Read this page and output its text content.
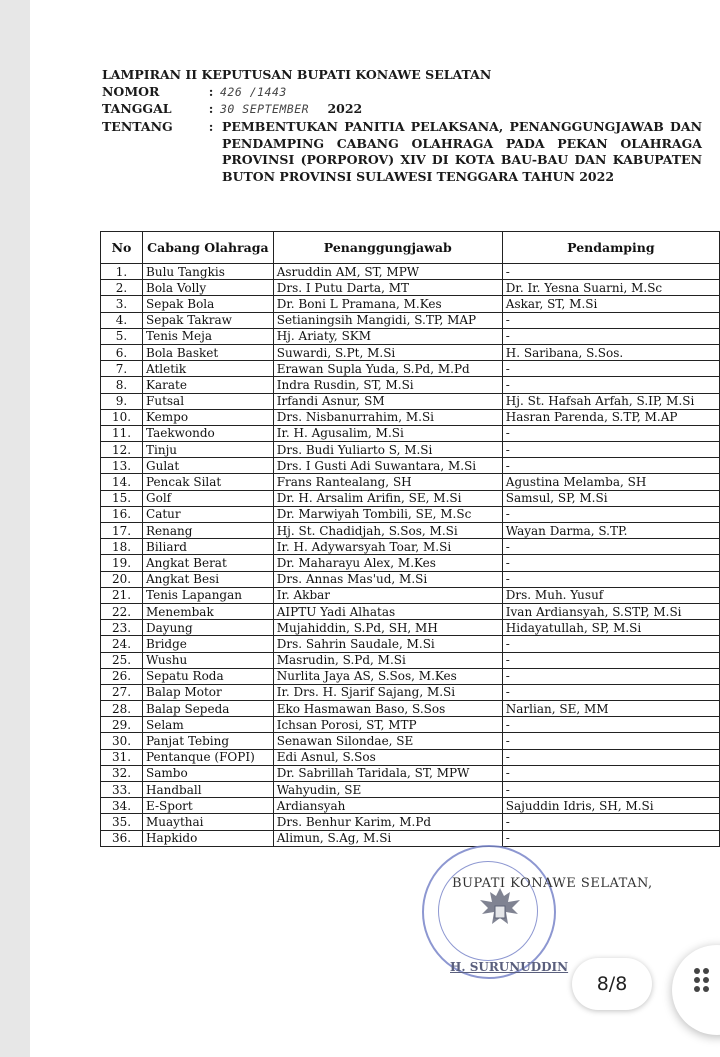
LAMPIRAN II KEPUTUSAN BUPATI KONAWE SELATAN
NOMOR	: 426 /1443
TANGGAL	: 30 SEPTEMBER 2022
TENTANG	: PEMBENTUKAN PANITIA PELAKSANA, PENANGGUNGJAWAB DAN PENDAMPING CABANG OLAHRAGA PADA PEKAN OLAHRAGA PROVINSI (PORPOROV) XIV DI KOTA BAU-BAU DAN KABUPATEN BUTON PROVINSI SULAWESI TENGGARA TAHUN 2022
No	Cabang Olahraga	Penanggungjawab	Pendamping
1.	Bulu Tangkis	Asruddin AM, ST, MPW	-
2.	Bola Volly	Drs. I Putu Darta, MT	Dr. Ir. Yesna Suarni, M.Sc
3.	Sepak Bola	Dr. Boni L Pramana, M.Kes	Askar, ST, M.Si
4.	Sepak Takraw	Setianingsih Mangidi, S.TP, MAP	-
5.	Tenis Meja	Hj. Ariaty, SKM	-
6.	Bola Basket	Suwardi, S.Pt, M.Si	H. Saribana, S.Sos.
7.	Atletik	Erawan Supla Yuda, S.Pd, M.Pd	-
8.	Karate	Indra Rusdin, ST, M.Si	-
9.	Futsal	Irfandi Asnur, SM	Hj. St. Hafsah Arfah, S.IP, M.Si
10.	Kempo	Drs. Nisbanurrahim, M.Si	Hasran Parenda, S.TP, M.AP
11.	Taekwondo	Ir. H. Agusalim, M.Si	-
12.	Tinju	Drs. Budi Yuliarto S, M.Si	-
13.	Gulat	Drs. I Gusti Adi Suwantara, M.Si	-
14.	Pencak Silat	Frans Rantealang, SH	Agustina Melamba, SH
15.	Golf	Dr. H. Arsalim Arifin, SE, M.Si	Samsul, SP, M.Si
16.	Catur	Dr. Marwiyah Tombili, SE, M.Sc	-
17.	Renang	Hj. St. Chadidjah, S.Sos, M.Si	Wayan Darma, S.TP.
18.	Biliard	Ir. H. Adywarsyah Toar, M.Si	-
19.	Angkat Berat	Dr. Maharayu Alex, M.Kes	-
20.	Angkat Besi	Drs. Annas Mas'ud, M.Si	-
21.	Tenis Lapangan	Ir. Akbar	Drs. Muh. Yusuf
22.	Menembak	AIPTU Yadi Alhatas	Ivan Ardiansyah, S.STP, M.Si
23.	Dayung	Mujahiddin, S.Pd, SH, MH	Hidayatullah, SP, M.Si
24.	Bridge	Drs. Sahrin Saudale, M.Si	-
25.	Wushu	Masrudin, S.Pd, M.Si	-
26.	Sepatu Roda	Nurlita Jaya AS, S.Sos, M.Kes	-
27.	Balap Motor	Ir. Drs. H. Sjarif Sajang, M.Si	-
28.	Balap Sepeda	Eko Hasmawan Baso, S.Sos	Narlian, SE, MM
29.	Selam	Ichsan Porosi, ST, MTP	-
30.	Panjat Tebing	Senawan Silondae, SE	-
31.	Pentanque (FOPI)	Edi Asnul, S.Sos	-
32.	Sambo	Dr. Sabrillah Taridala, ST, MPW	-
33.	Handball	Wahyudin, SE	-
34.	E-Sport	Ardiansyah	Sajuddin Idris, SH, M.Si
35.	Muaythai	Drs. Benhur Karim, M.Pd	-
36.	Hapkido	Alimun, S.Ag, M.Si	-
BUPATI KONAWE SELATAN,
H. SURUNUDDIN
8/8
